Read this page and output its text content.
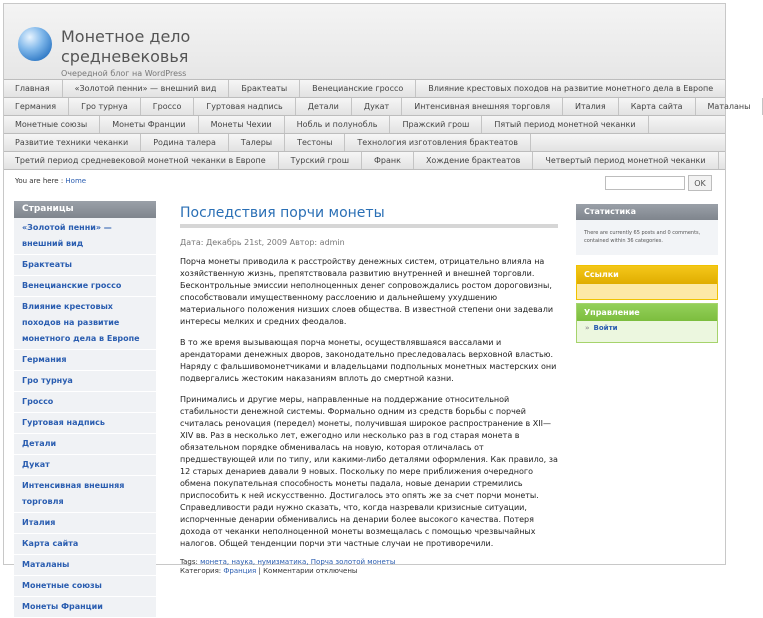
Монетное дело
средневековья
Очередной блог на WordPress
Главная	«Золотой пенни» — внешний вид	Брактеаты	Венецианские гроссо	Влияние крестовых походов на развитие монетного дела в Европе
Германия	Гро турнуа	Гроссо	Гуртовая надпись	Детали	Дукат	Интенсивная внешняя торговля	Италия	Карта сайта	Маталаны
Монетные союзы	Монеты Франции	Монеты Чехии	Нобль и полунобль	Пражский грош	Пятый период монетной чеканки
Развитие техники чеканки	Родина талера	Талеры	Тестоны	Технология изготовления брактеатов
Третий период средневековой монетной чеканки в Европе	Турский грош	Франк	Хождение брактеатов	Четвертый период монетной чеканки
You are here : Home	OK
Страницы
«Золотой пенни» — внешний вид
Брактеаты
Венецианские гроссо
Влияние крестовых походов на развитие монетного дела в Европе
Германия
Гро турнуа
Гроссо
Гуртовая надпись
Детали
Дукат
Интенсивная внешняя торговля
Италия
Карта сайта
Маталаны
Монетные союзы
Монеты Франции
Последствия порчи монеты
Дата: Декабрь 21st, 2009 Автор: admin
Порча монеты приводила к расстройству денежных систем, отрицательно влияла на хозяйственную жизнь, препятствовала развитию внутренней и внешней торговли. Бесконтрольные эмиссии неполноценных денег сопровождались ростом дороговизны, способствовали имущественному расслоению и дальнейшему ухудшению материального положения низших слоев общества. В известной степени они задевали интересы мелких и средних феодалов.
В то же время вызывающая порча монеты, осуществлявшаяся вассалами и арендаторами денежных дворов, законодательно преследовалась верховной властью. Наряду с фальшивомонетчиками и владельцами подпольных монетных мастерских они подвергались жестоким наказаниям вплоть до смертной казни.
Принимались и другие меры, направленные на поддержание относительной стабильности денежной системы. Формально одним из средств борьбы с порчей считалась ренovация (передел) монеты, получившая широкое распространение в XII—XIV вв. Раз в несколько лет, ежегодно или несколько раз в год старая монета в обязательном порядке обменивалась на новую, которая отличалась от предшествующей или по типу, или какими-либо деталями оформления. Как правило, за 12 старых денариев давали 9 новых. Поскольку по мере приближения очередного обмена покупательная способность монеты падала, новые денарии стремились приспособить к ней искусственно. Достигалось это опять же за счет порчи монеты. Справедливости ради нужно сказать, что, когда назревали кризисные ситуации, испорченные денарии обменивались на денарии более высокого качества. Потеря дохода от чеканки неполноценной монеты возмещалась с помощью чрезвычайных налогов. Общей тенденции порчи эти частные случаи не противоречили.
Tags: монета, наука, нумизматика, Порча золотой монеты
Категория: Франция | Комментарии отключены
Статистика
There are currently 65 posts and 0 comments, contained within 36 categories.
Ссылки
Управление
» Войти
